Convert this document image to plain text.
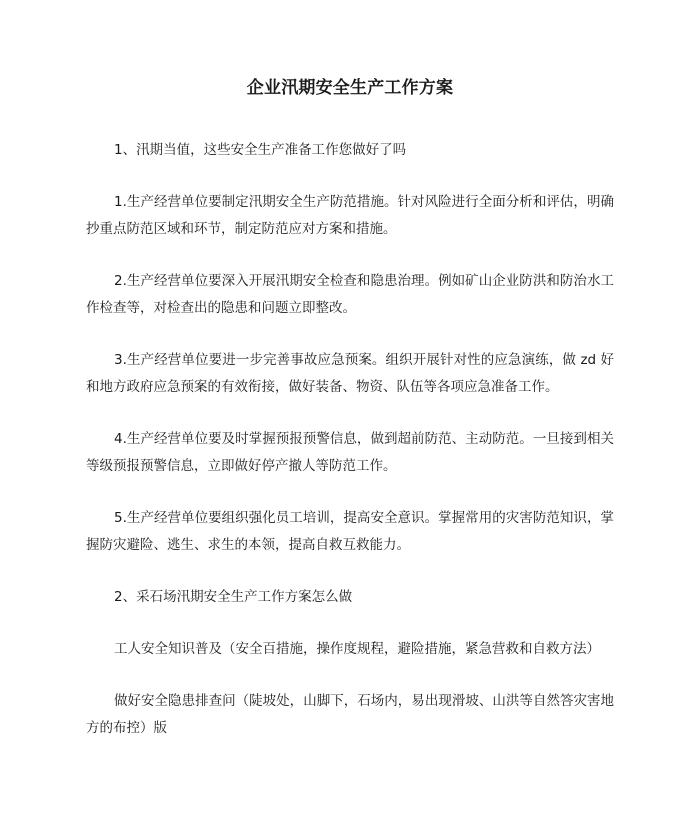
企业汛期安全生产工作方案

1、汛期当值，这些安全生产准备工作您做好了吗

1.生产经营单位要制定汛期安全生产防范措施。针对风险进行全面分析和评估，明确抄重点防范区域和环节，制定防范应对方案和措施。

2.生产经营单位要深入开展汛期安全检查和隐患治理。例如矿山企业防洪和防治水工作检查等，对检查出的隐患和问题立即整改。

3.生产经营单位要进一步完善事故应急预案。组织开展针对性的应急演练，做 zd 好和地方政府应急预案的有效衔接，做好装备、物资、队伍等各项应急准备工作。

4.生产经营单位要及时掌握预报预警信息，做到超前防范、主动防范。一旦接到相关等级预报预警信息，立即做好停产撤人等防范工作。

5.生产经营单位要组织强化员工培训，提高安全意识。掌握常用的灾害防范知识，掌握防灾避险、逃生、求生的本领，提高自救互救能力。

2、采石场汛期安全生产工作方案怎么做

工人安全知识普及（安全百措施，操作度规程，避险措施，紧急营救和自救方法）

做好安全隐患排查问（陡坡处，山脚下，石场内，易出现滑坡、山洪等自然答灾害地方的布控）版
